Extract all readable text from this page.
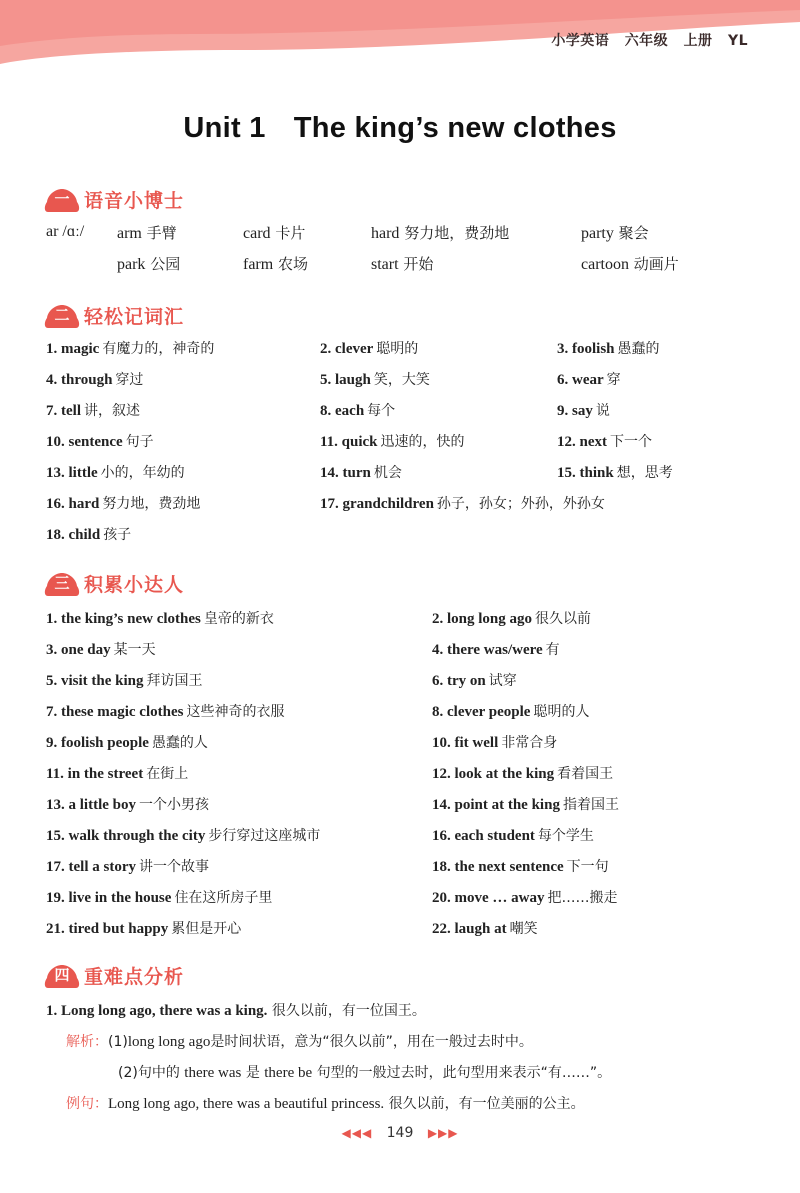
小学英语 六年级 上册 YL
Unit 1 The king’s new clothes
一 语音小博士
ar /ɑː/ arm 手臂	card 卡片	hard 努力地，费劲地	party 聚会
park 公园	farm 农场	start 开始	cartoon 动画片
二 轻松记词汇
1. magic 有魔力的，神奇的	2. clever 聪明的	3. foolish 愚蠢的
4. through 穿过	5. laugh 笑，大笑	6. wear 穿
7. tell 讲，叙述	8. each 每个	9. say 说
10. sentence 句子	11. quick 迅速的，快的	12. next 下一个
13. little 小的，年幼的	14. turn 机会	15. think 想，思考
16. hard 努力地，费劲地	17. grandchildren 孙子，孙女；外孙，外孙女
18. child 孩子
三 积累小达人
1. the king’s new clothes 皇帝的新衣	2. long long ago 很久以前
3. one day 某一天	4. there was/were 有
5. visit the king 拜访国王	6. try on 试穿
7. these magic clothes 这些神奇的衣服	8. clever people 聪明的人
9. foolish people 愚蠢的人	10. fit well 非常合身
11. in the street 在街上	12. look at the king 看着国王
13. a little boy 一个小男孩	14. point at the king 指着国王
15. walk through the city 步行穿过这座城市	16. each student 每个学生
17. tell a story 讲一个故事	18. the next sentence 下一句
19. live in the house 住在这所房子里	20. move … away 把……搬走
21. tired but happy 累但是开心	22. laugh at 嘲笑
四 重难点分析
1. Long long ago, there was a king. 很久以前，有一位国王。
解析：(1)long long ago是时间状语，意为“很久以前”，用在一般过去时中。
(2)句中的 there was 是 there be 句型的一般过去时，此句型用来表示“有……”。
例句：Long long ago, there was a beautiful princess. 很久以前，有一位美丽的公主。
◀◀◀ 149 ▶▶▶
